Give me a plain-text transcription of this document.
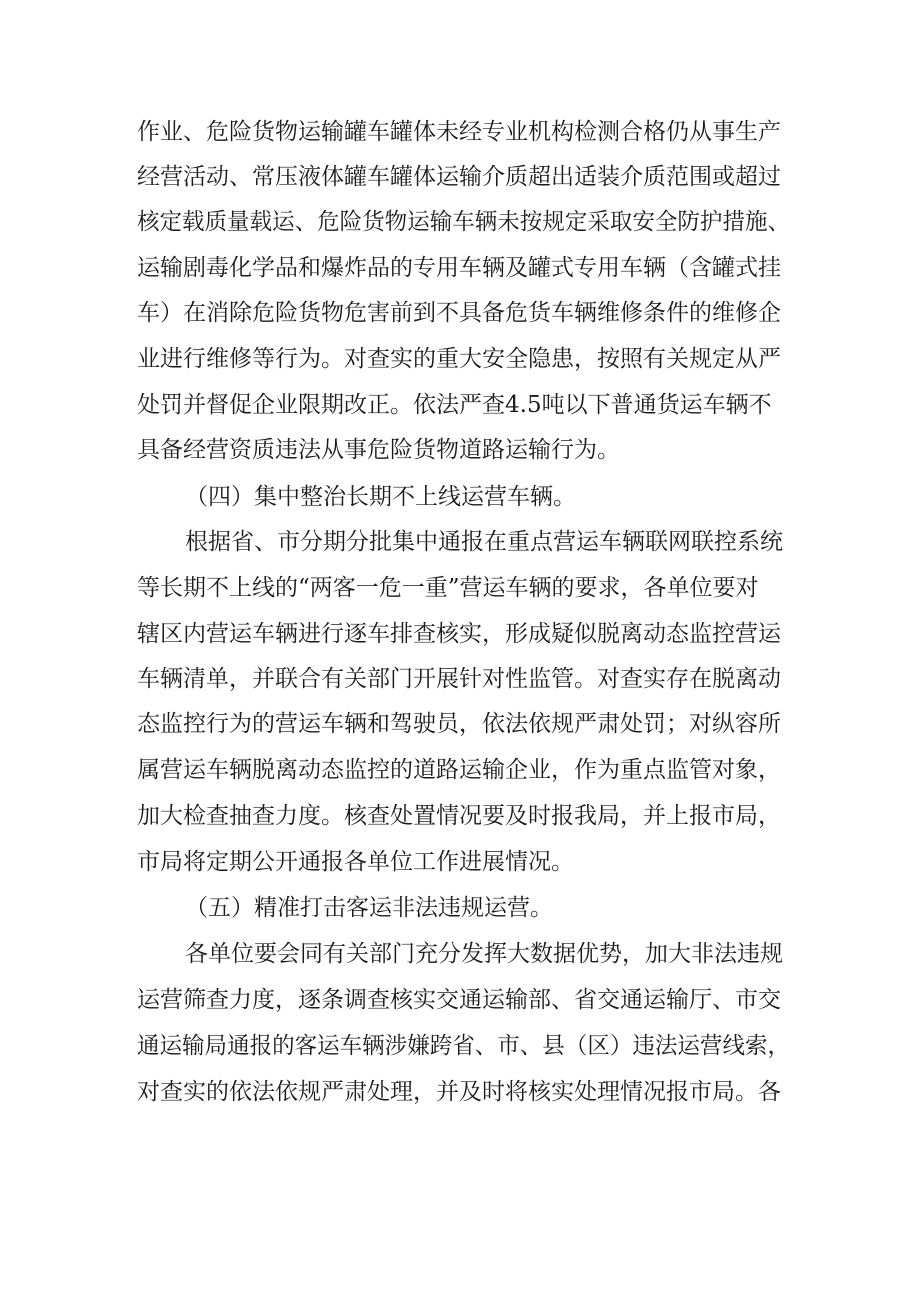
作业、危险货物运输罐车罐体未经专业机构检测合格仍从事生产
经营活动、常压液体罐车罐体运输介质超出适装介质范围或超过
核定载质量载运、危险货物运输车辆未按规定采取安全防护措施、
运输剧毒化学品和爆炸品的专用车辆及罐式专用车辆（含罐式挂
车）在消除危险货物危害前到不具备危货车辆维修条件的维修企
业进行维修等行为。对查实的重大安全隐患，按照有关规定从严
处罚并督促企业限期改正。依法严查4.5吨以下普通货运车辆不
具备经营资质违法从事危险货物道路运输行为。
（四）集中整治长期不上线运营车辆。
根据省、市分期分批集中通报在重点营运车辆联网联控系统
等长期不上线的“两客一危一重”营运车辆的要求，各单位要对
辖区内营运车辆进行逐车排查核实，形成疑似脱离动态监控营运
车辆清单，并联合有关部门开展针对性监管。对查实存在脱离动
态监控行为的营运车辆和驾驶员，依法依规严肃处罚；对纵容所
属营运车辆脱离动态监控的道路运输企业，作为重点监管对象，
加大检查抽查力度。核查处置情况要及时报我局，并上报市局，
市局将定期公开通报各单位工作进展情况。
（五）精准打击客运非法违规运营。
各单位要会同有关部门充分发挥大数据优势，加大非法违规
运营筛查力度，逐条调查核实交通运输部、省交通运输厅、市交
通运输局通报的客运车辆涉嫌跨省、市、县（区）违法运营线索，
对查实的依法依规严肃处理，并及时将核实处理情况报市局。各
